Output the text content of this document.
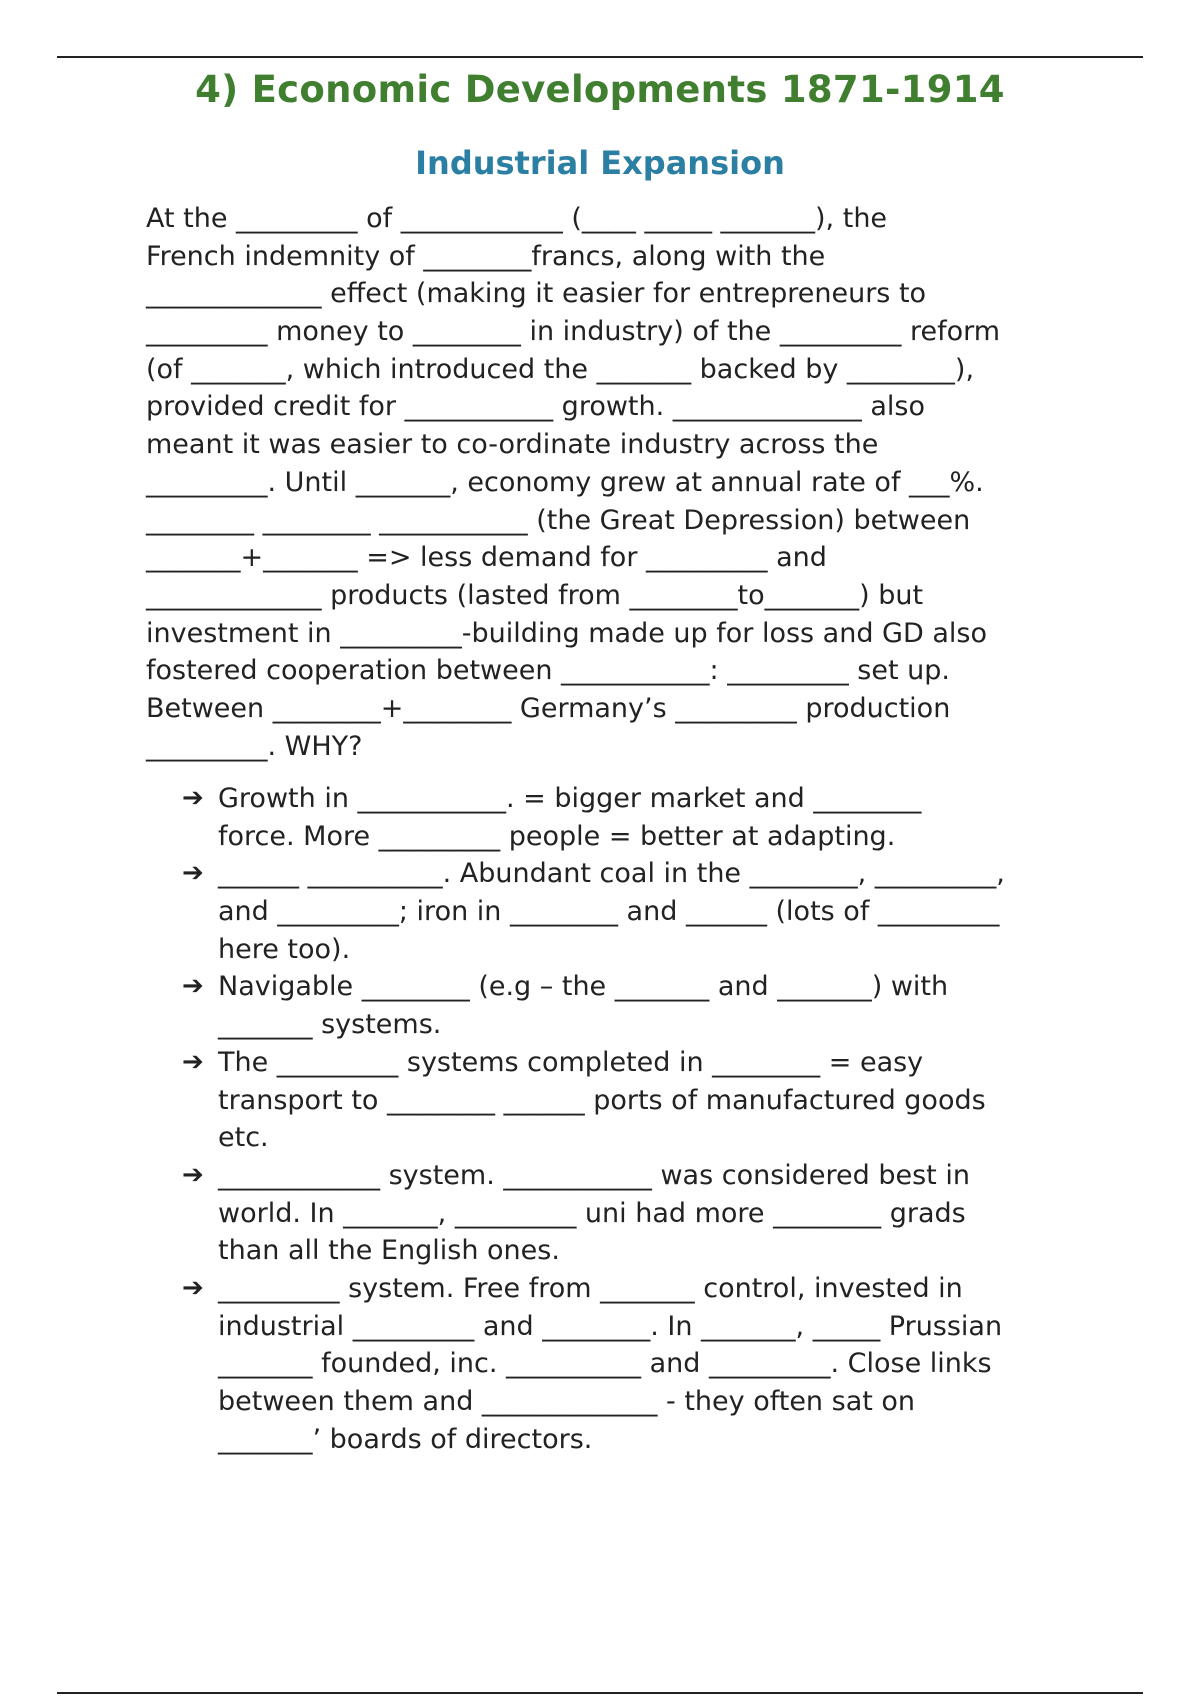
4) Economic Developments 1871-1914
Industrial Expansion
At the _________ of ____________ (____ _____ _______), the
French indemnity of ________francs, along with the
_____________ effect (making it easier for entrepreneurs to
_________ money to ________ in industry) of the _________ reform
(of _______, which introduced the _______ backed by ________),
provided credit for ___________ growth. ______________ also
meant it was easier to co-ordinate industry across the
_________. Until _______, economy grew at annual rate of ___%.
________ ________ ___________ (the Great Depression) between
_______+_______ => less demand for _________ and
_____________ products (lasted from ________to_______) but
investment in _________-building made up for loss and GD also
fostered cooperation between ___________: _________ set up.
Between ________+________ Germany’s _________ production
_________. WHY?
➔ Growth in ___________. = bigger market and ________
force. More _________ people = better at adapting.
➔ ______ __________. Abundant coal in the ________, _________,
and _________; iron in ________ and ______ (lots of _________
here too).
➔ Navigable ________ (e.g – the _______ and _______) with
_______ systems.
➔ The _________ systems completed in ________ = easy
transport to ________ ______ ports of manufactured goods
etc.
➔ ____________ system. ___________ was considered best in
world. In _______, _________ uni had more ________ grads
than all the English ones.
➔ _________ system. Free from _______ control, invested in
industrial _________ and ________. In _______, _____ Prussian
_______ founded, inc. __________ and _________. Close links
between them and _____________ - they often sat on
_______’ boards of directors.
